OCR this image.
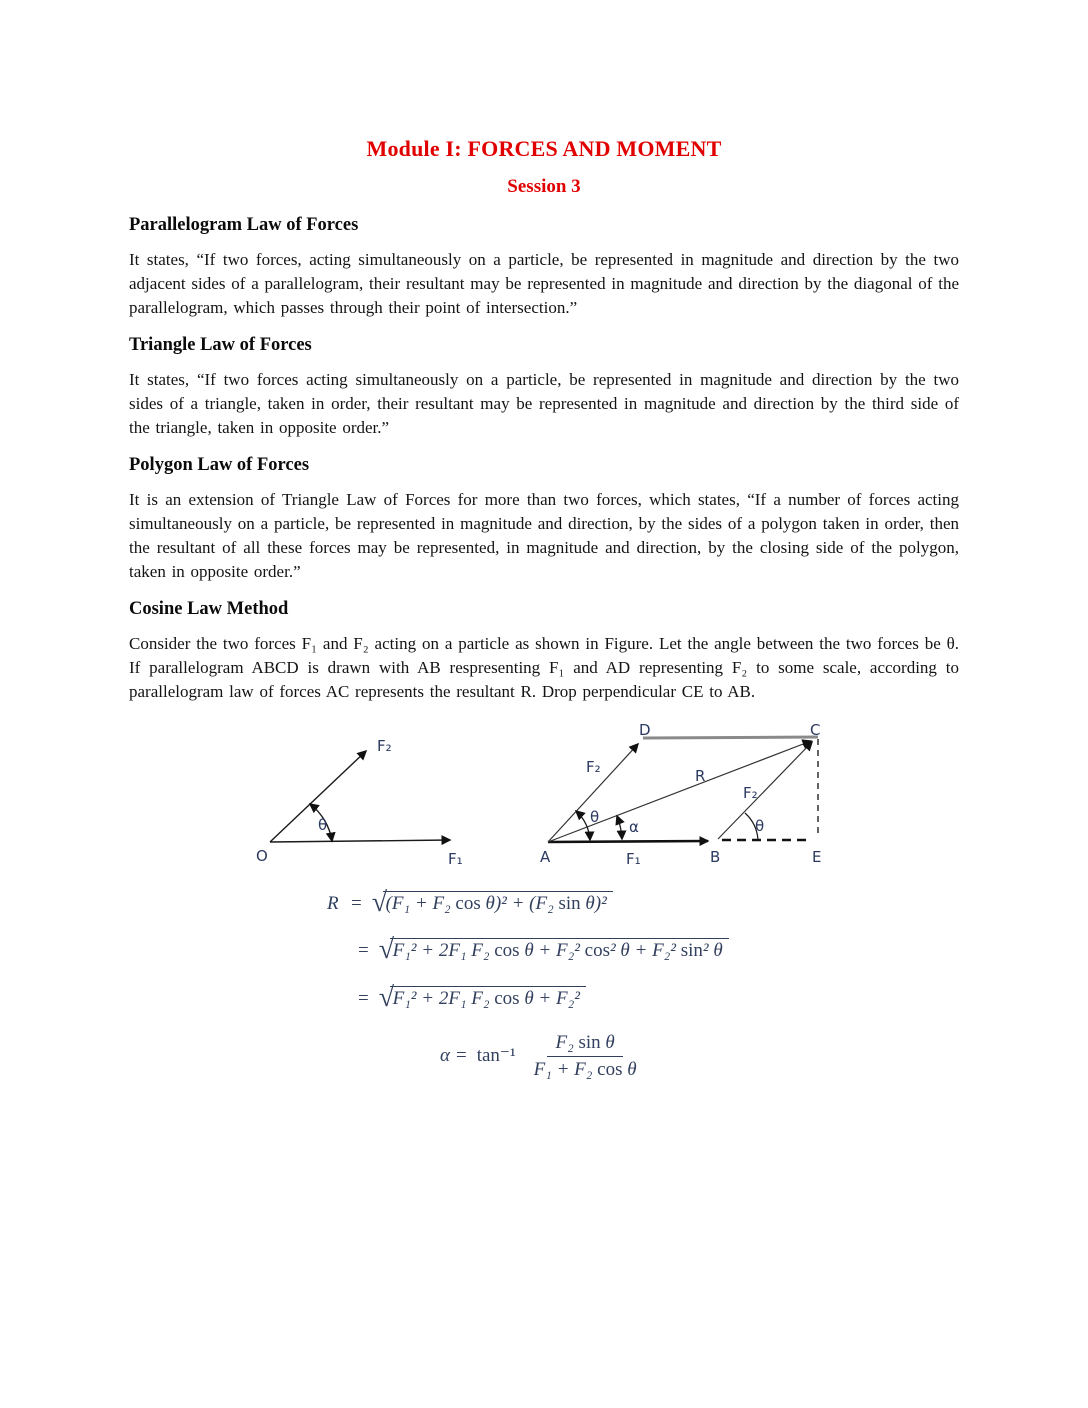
Module I: FORCES AND MOMENT
Session 3
Parallelogram Law of Forces
It states, “If two forces, acting simultaneously on a particle, be represented in magnitude and direction by the two adjacent sides of a parallelogram, their resultant may be represented in magnitude and direction by the diagonal of the parallelogram, which passes through their point of intersection.”
Triangle Law of Forces
It states, “If two forces acting simultaneously on a particle, be represented in magnitude and direction by the two sides of a triangle, taken in order, their resultant may be represented in magnitude and direction by the third side of the triangle, taken in opposite order.”
Polygon Law of Forces
It is an extension of Triangle Law of Forces for more than two forces, which states, “If a number of forces acting simultaneously on a particle, be represented in magnitude and direction, by the sides of a polygon taken in order, then the resultant of all these forces may be represented, in magnitude and direction, by the closing side of the polygon, taken in opposite order.”
Cosine Law Method
Consider the two forces F₁ and F₂ acting on a particle as shown in Figure. Let the angle between the two forces be θ. If parallelogram ABCD is drawn with AB respresenting F₁ and AD representing F₂ to some scale, according to parallelogram law of forces AC represents the resultant R. Drop perpendicular CE to AB.
O	F₁
F₂
θ
A	F₁	B	E
D	C
F₂	R
F₂
θ
α	θ
R = √(F₁ + F₂ cos θ)² + (F₂ sin θ)²
= √F₁² + 2F₁ F₂ cos θ + F₂² cos² θ + F₂² sin² θ
= √F₁² + 2F₁ F₂ cos θ + F₂²
$\alpha = \tan^{-1} \frac{\text{F₂ sin θ}}{\text{F₁ + F₂ cos θ}}$
